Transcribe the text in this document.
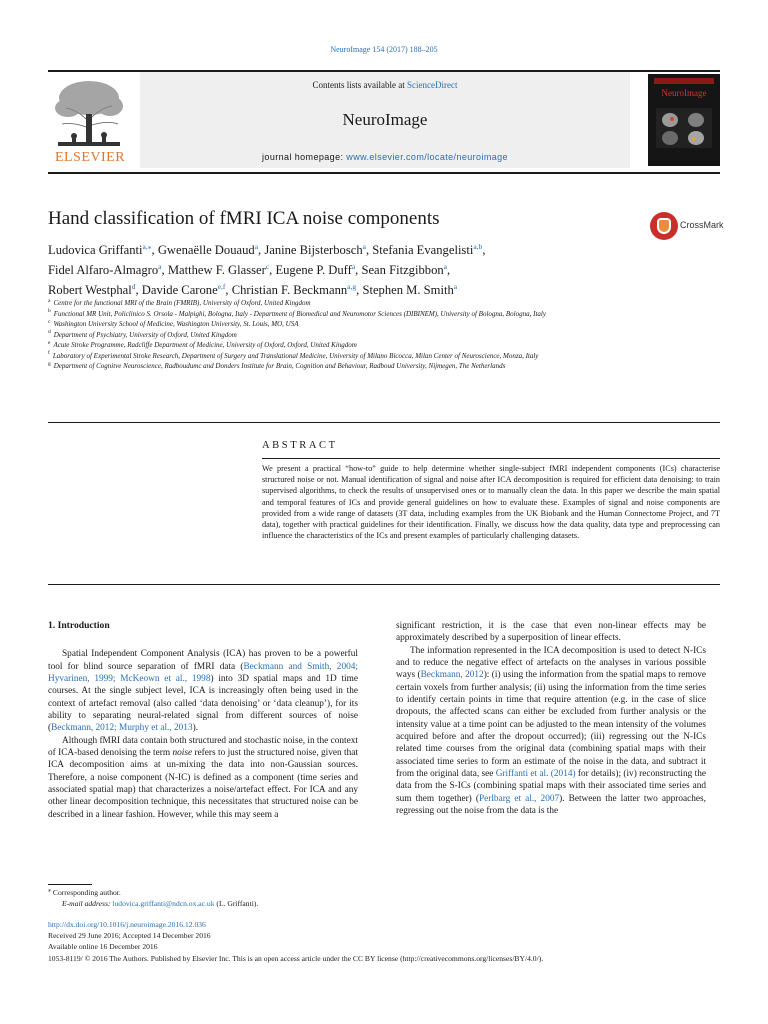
NeuroImage 154 (2017) 188–205
ELSEVIER
Contents lists available at ScienceDirect
NeuroImage
journal homepage: www.elsevier.com/locate/neuroimage
NeuroImage
Hand classification of fMRI ICA noise components	CrossMark
Ludovica Griffanti$^{a,⁎}$, Gwenaëlle Douaud$^a$, Janine Bijsterbosch$^a$, Stefania Evangelisti$^{a,b}$,
Fidel Alfaro-Almagro$^a$, Matthew F. Glasser$^c$, Eugene P. Duff$^a$, Sean Fitzgibbon$^a$,
Robert Westphal$^d$, Davide Carone$^{e,f}$, Christian F. Beckmann$^{a,g}$, Stephen M. Smith$^a$
$^a$ Centre for the functional MRI of the Brain (FMRIB), University of Oxford, United Kingdom
$^b$ Functional MR Unit, Policlinico S. Orsola - Malpighi, Bologna, Italy - Department of Biomedical and Neuromotor Sciences (DIBINEM), University of Bologna, Bologna, Italy
$^c$ Washington University School of Medicine, Washington University, St. Louis, MO, USA
$^d$ Department of Psychiatry, University of Oxford, United Kingdom
$^e$ Acute Stroke Programme, Radcliffe Department of Medicine, University of Oxford, Oxford, United Kingdom
$^f$ Laboratory of Experimental Stroke Research, Department of Surgery and Translational Medicine, University of Milano Bicocca, Milan Center of Neuroscience, Monza, Italy
$^g$ Department of Cognitve Neuroscience, Radboudumc and Donders Institute for Brain, Cognition and Behaviour, Radboud University, Nijmegen, The Netherlands
ABSTRACT
We present a practical “how-to” guide to help determine whether single-subject fMRI independent components (ICs) characterise structured noise or not. Manual identification of signal and noise after ICA decomposition is required for efficient data denoising: to train supervised algorithms, to check the results of unsupervised ones or to manually clean the data. In this paper we describe the main spatial and temporal features of ICs and provide general guidelines on how to evaluate these. Examples of signal and noise components are provided from a wide range of datasets (3T data, including examples from the UK Biobank and the Human Connectome Project, and 7T data), together with practical guidelines for their identification. Finally, we discuss how the data quality, data type and preprocessing can influence the characteristics of the ICs and present examples of particularly challenging datasets.
1. Introduction

Spatial Independent Component Analysis (ICA) has proven to be a powerful tool for blind source separation of fMRI data (Beckmann and Smith, 2004; Hyvarinen, 1999; McKeown et al., 1998) into 3D spatial maps and 1D time courses. At the single subject level, ICA is increasingly often being used in the context of artefact removal (also called ‘data denoising’ or ‘data cleanup’), for its ability to separating neural-related signal from different sources of noise (Beckmann, 2012; Murphy et al., 2013).

Although fMRI data contain both structured and stochastic noise, in the context of ICA-based denoising the term noise refers to just the structured noise, given that ICA decomposition aims at un-mixing the data into non-Gaussian sources. Therefore, a noise component (N-IC) is defined as a component (time series and associated spatial map) that characterizes a noise/artefact effect. For ICA and any other linear decomposition technique, this necessitates that structured noise can be described in a linear fashion. However, while this may seem a

significant restriction, it is the case that even non-linear effects may be approximately described by a superposition of linear effects.

The information represented in the ICA decomposition is used to detect N-ICs and to reduce the negative effect of artefacts on the analyses in various possible ways (Beckmann, 2012): (i) using the information from the spatial maps to remove certain voxels from further analysis; (ii) using the information from the time series to identify certain points in time that require attention (e.g. in the case of slice dropouts, the affected scans can either be excluded from further analysis or the intensity value at a time point can be adjusted to the mean intensity of the volumes acquired before and after the dropout occurred); (iii) regressing out the N-ICs related time courses from the original data (combining spatial maps with their associated time series to form an estimate of the noise in the data, and subtract it from the original data, see Griffanti et al. (2014) for details); (iv) reconstructing the data from the S-ICs (combining spatial maps with their associated time series and sum them together) (Perlbarg et al., 2007). Between the latter two approaches, regressing out the noise from the data is the

⁎ Corresponding author.
E-mail address: ludovica.griffanti@ndcn.ox.ac.uk (L. Griffanti).
http://dx.doi.org/10.1016/j.neuroimage.2016.12.036
Received 29 June 2016; Accepted 14 December 2016
Available online 16 December 2016
1053-8119/ © 2016 The Authors. Published by Elsevier Inc. This is an open access article under the CC BY license (http://creativecommons.org/licenses/BY/4.0/).
